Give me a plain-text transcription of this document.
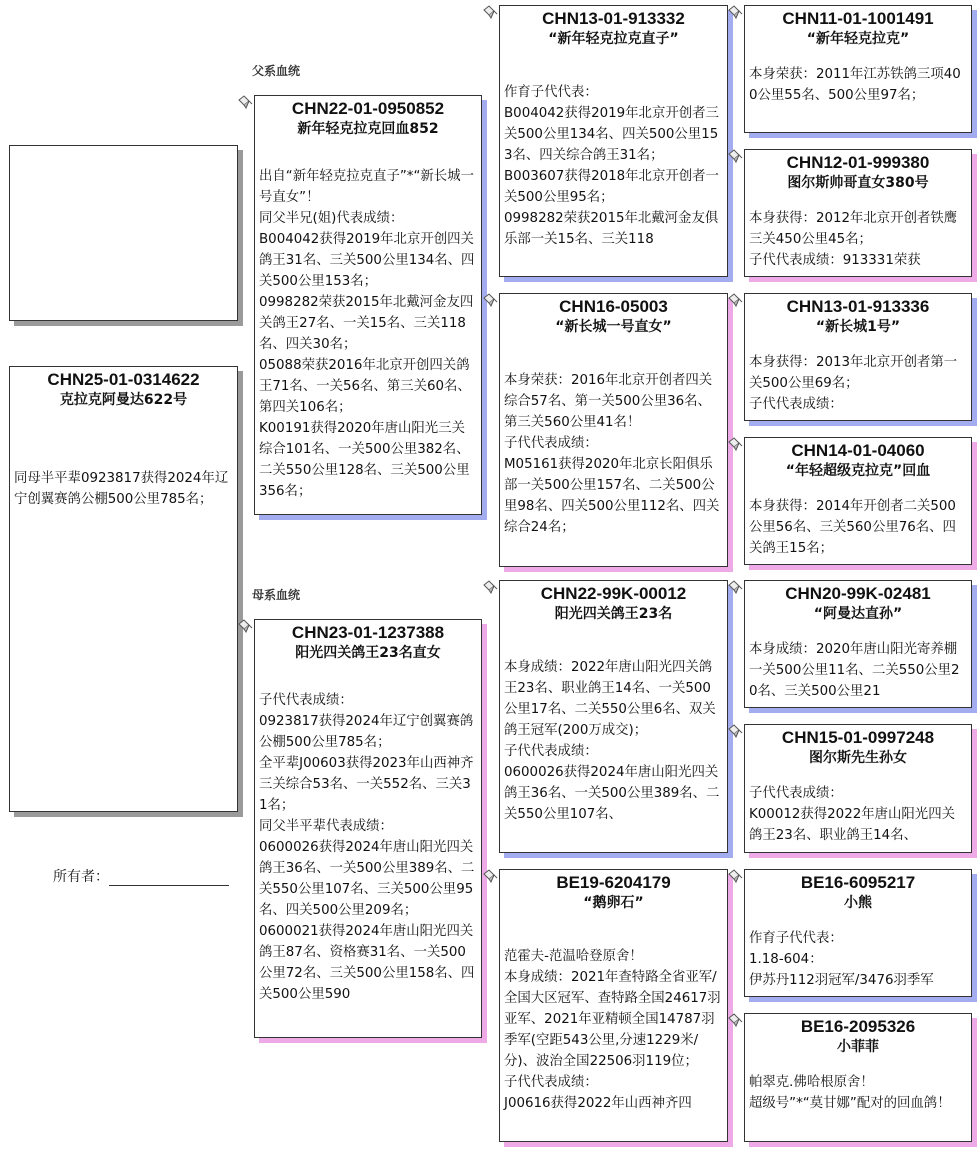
父系血统
母系血统
所有者：
CHN25-01-0314622
克拉克阿曼达622号
同母半平辈0923817获得2024年辽宁创翼赛鸽公棚500公里785名；
CHN22-01-0950852
新年轻克拉克回血852
出自“新年轻克拉克直子”*“新长城一号直女”！
同父半兄(姐)代表成绩：
B004042获得2019年北京开创四关鸽王31名、三关500公里134名、四关500公里153名；
0998282荣获2015年北戴河金友四关鸽王27名、一关15名、三关118名、四关30名；
05088荣获2016年北京开创四关鸽王71名、一关56名、第三关60名、第四关106名；
K00191获得2020年唐山阳光三关综合101名、一关500公里382名、二关550公里128名、三关500公里356名；
CHN23-01-1237388
阳光四关鸽王23名直女
子代代表成绩：
0923817获得2024年辽宁创翼赛鸽公棚500公里785名；
全平辈J00603获得2023年山西神齐三关综合53名、一关552名、三关31名；
同父半平辈代表成绩：
0600026获得2024年唐山阳光四关鸽王36名、一关500公里389名、二关550公里107名、三关500公里95名、四关500公里209名；
0600021获得2024年唐山阳光四关鸽王87名、资格赛31名、一关500公里72名、三关500公里158名、四关500公里590
CHN13-01-913332
“新年轻克拉克直子”
作育子代代表：
B004042获得2019年北京开创者三关500公里134名、四关500公里153名、四关综合鸽王31名；
B003607获得2018年北京开创者一关500公里95名；
0998282荣获2015年北戴河金友俱乐部一关15名、三关118
CHN16-05003
“新长城一号直女”
本身荣获：2016年北京开创者四关综合57名、第一关500公里36名、第三关560公里41名！
子代代表成绩：
M05161获得2020年北京长阳俱乐部一关500公里157名、二关500公里98名、四关500公里112名、四关综合24名；
CHN22-99K-00012
阳光四关鸽王23名
本身成绩：2022年唐山阳光四关鸽王23名、职业鸽王14名、一关500公里17名、二关550公里6名、双关鸽王冠军(200万成交)；
子代代表成绩：
0600026获得2024年唐山阳光四关鸽王36名、一关500公里389名、二关550公里107名、
BE19-6204179
“鹅卵石”
范霍夫-范温哈登原舍！
本身成绩：2021年查特路全省亚军/全国大区冠军、查特路全国24617羽亚军、2021年亚精顿全国14787羽季军(空距543公里,分速1229米/分)、波治全国22506羽119位；
子代代表成绩：
J00616获得2022年山西神齐四
CHN11-01-1001491
“新年轻克拉克”
本身荣获：2011年江苏铁鸽三项400公里55名、500公里97名；
CHN12-01-999380
图尔斯帅哥直女380号
本身获得：2012年北京开创者铁鹰三关450公里45名；
子代代表成绩：913331荣获
CHN13-01-913336
“新长城1号”
本身获得：2013年北京开创者第一关500公里69名；
子代代表成绩：
CHN14-01-04060
“年轻超级克拉克”回血
本身获得：2014年开创者二关500公里56名、三关560公里76名、四关鸽王15名；
CHN20-99K-02481
“阿曼达直孙”
本身成绩：2020年唐山阳光寄养棚一关500公里11名、二关550公里20名、三关500公里21
CHN15-01-0997248
图尔斯先生孙女
子代代表成绩：
K00012获得2022年唐山阳光四关鸽王23名、职业鸽王14名、
BE16-6095217
小熊
作育子代代表：
1.18-604：
伊苏丹112羽冠军/3476羽季军
BE16-2095326
小菲菲
帕翠克.佛哈根原舍！
超级号”*“莫甘娜”配对的回血鸽！
